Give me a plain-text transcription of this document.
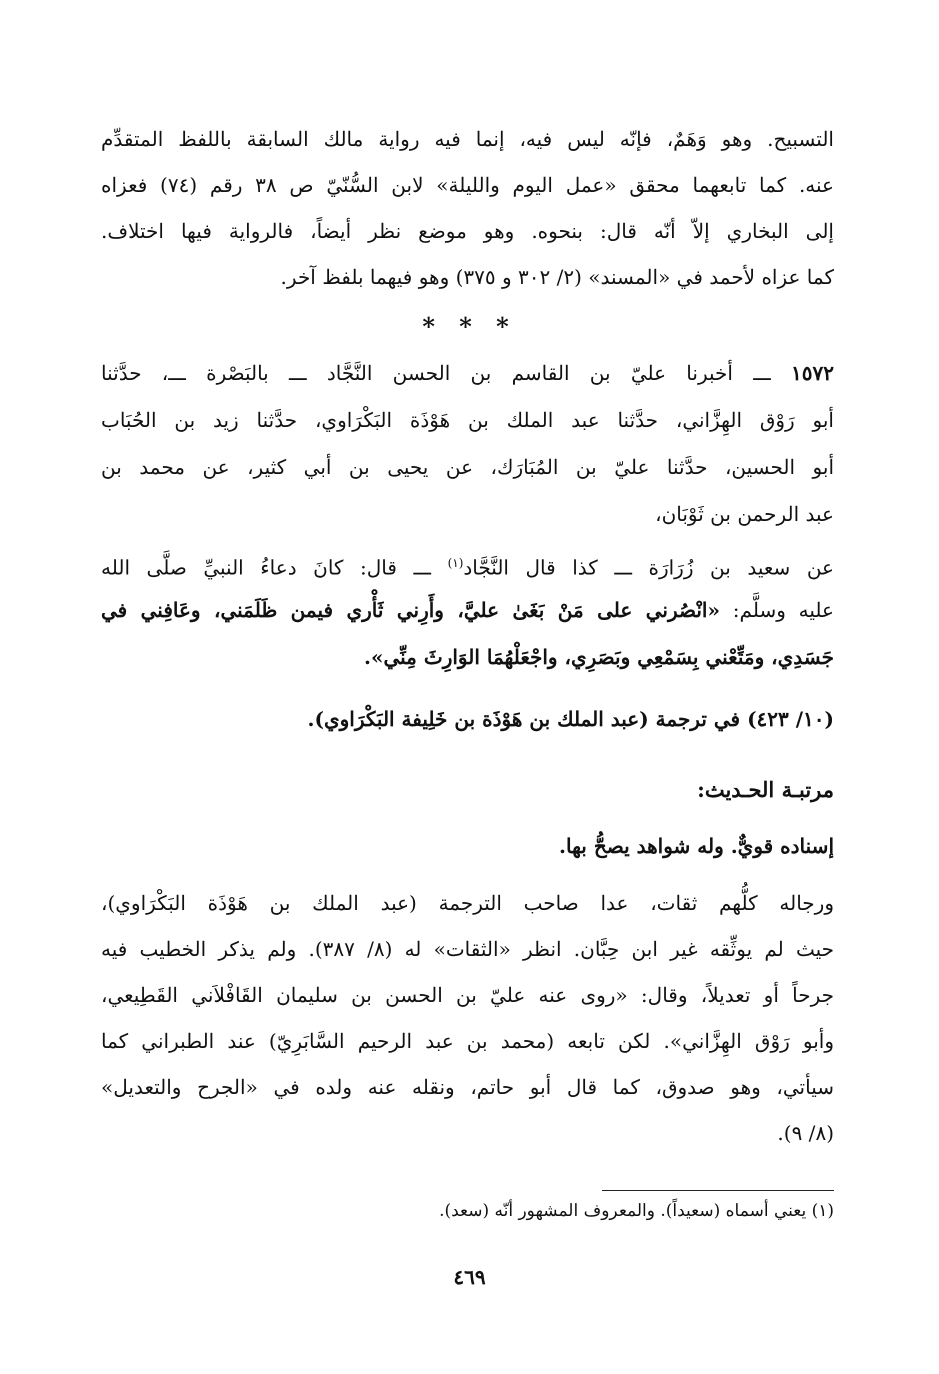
التسبيح. وهو وَهَمٌ، فإنّه ليس فيه، إنما فيه رواية مالك السابقة باللفظ المتقدِّم
عنه. كما تابعهما محقق «عمل اليوم والليلة» لابن السُّنّيّ ص ٣٨ رقم (٧٤) فعزاه
إلى البخاري إلاّ أنّه قال: بنحوه. وهو موضع نظر أيضاً، فالرواية فيها اختلاف.
كما عزاه لأحمد في «المسند» (٢/ ٣٠٢ و ٣٧٥) وهو فيهما بلفظ آخر.
* * *
١٥٧٢ ـــ أخبرنا عليّ بن القاسم بن الحسن النَّجَّاد ـــ بالبَصْرة ـــ، حدَّثنا
أبو رَوْق الهِزَّاني، حدَّثنا عبد الملك بن هَوْذَة البَكْرَاوي، حدَّثنا زيد بن الحُبَاب
أبو الحسين، حدَّثنا عليّ بن المُبَارَك، عن يحيى بن أبي كثير، عن محمد بن
عبد الرحمن بن ثَوْبَان،
عن سعيد بن زُرَارَة ـــ كذا قال النَّجَّاد$^{(١)}$ ـــ قال: كانَ دعاءُ النبيِّ صلَّى الله
عليه وسلَّم: «انْصُرني على مَنْ بَغَىٰ عليَّ، وأَرِني ثَأْري فيمن ظَلَمَني، وعَافِني في
جَسَدِي، ومَتِّعْني بِسَمْعِي وبَصَرِي، واجْعَلْهُمَا الوَارِثَ مِنِّي».
(١٠/ ٤٢٣) في ترجمة (عبد الملك بن هَوْذَة بن خَلِيفة البَكْرَاوي).
مرتبـة الحـديث:
إسناده قويٌّ. وله شواهد يصحُّ بها.
ورجاله كلُّهم ثقات، عدا صاحب الترجمة (عبد الملك بن هَوْذَة البَكْرَاوي)،
حيث لم يوثِّقه غير ابن حِبَّان. انظر «الثقات» له (٨/ ٣٨٧). ولم يذكر الخطيب فيه
جرحاً أو تعديلاً، وقال: «روى عنه عليّ بن الحسن بن سليمان القَافْلاَني القَطِيعي،
وأبو رَوْق الهِزَّاني». لكن تابعه (محمد بن عبد الرحيم السَّابَرِيّ) عند الطبراني كما
سيأتي، وهو صدوق، كما قال أبو حاتم، ونقله عنه ولده في «الجرح والتعديل»
(٨/ ٩).
(١) يعني أسماه (سعيداً). والمعروف المشهور أنّه (سعد).
٤٦٩
